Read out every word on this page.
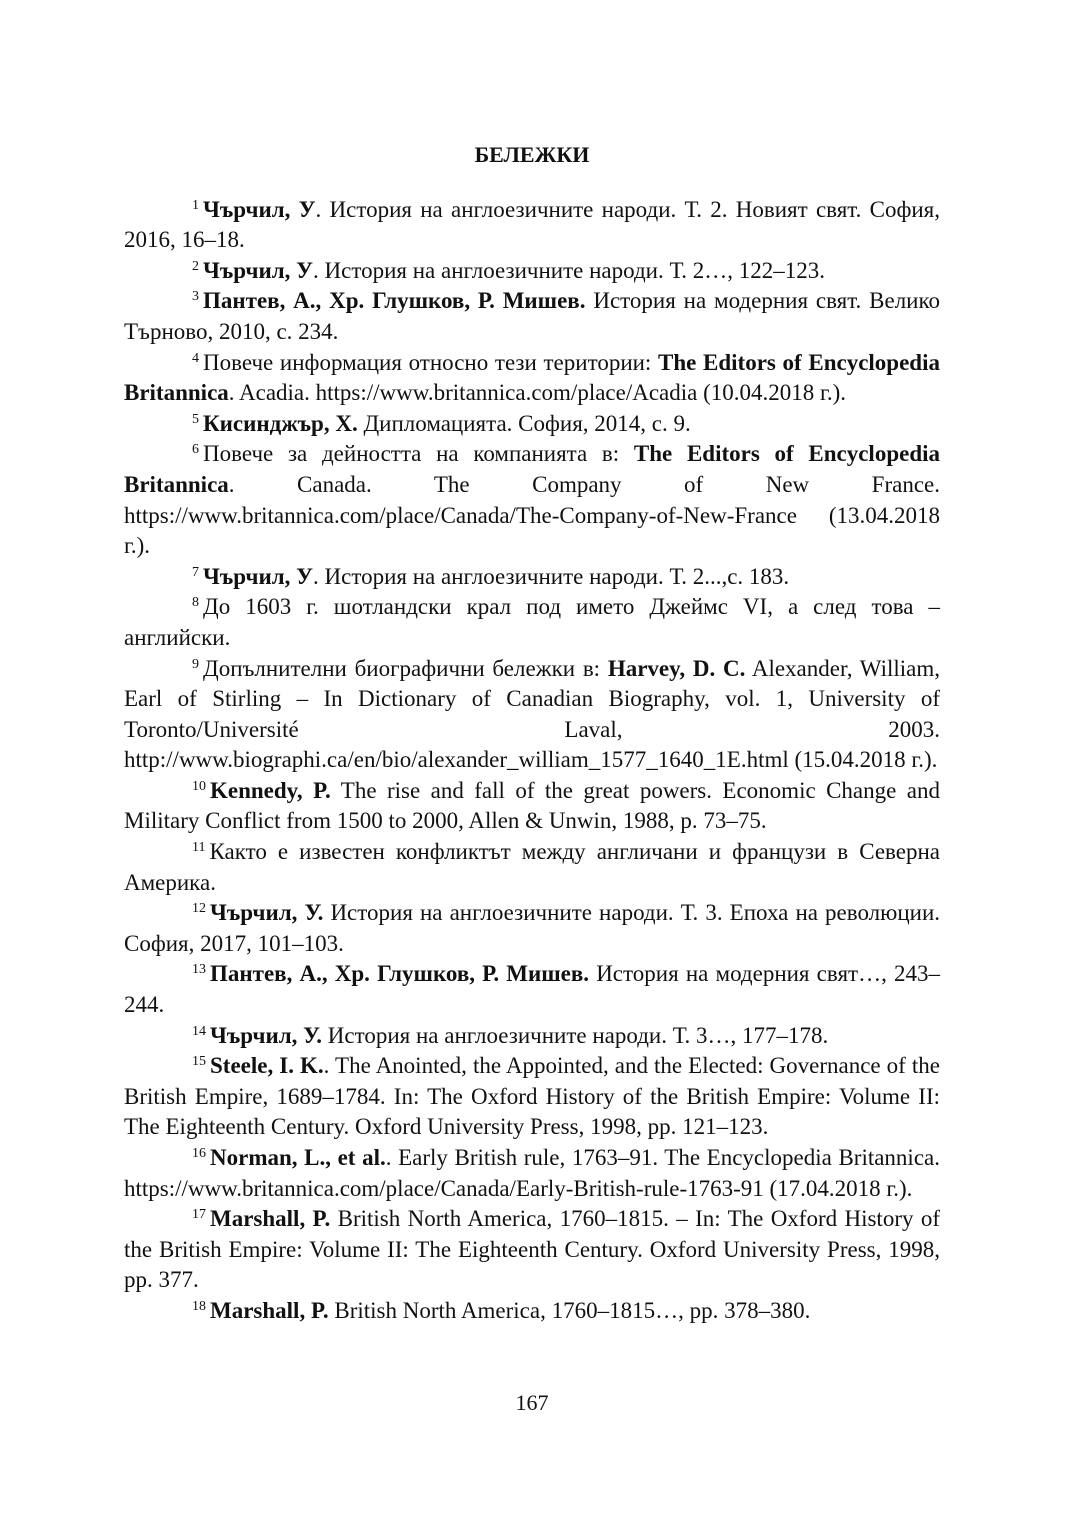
БЕЛЕЖКИ

$^1$ Чърчил, У. История на англоезичните народи. Т. 2. Новият свят. София, 2016, 16–18.

$^2$ Чърчил, У. История на англоезичните народи. Т. 2…, 122–123.

$^3$ Пантев, А., Хр. Глушков, Р. Мишев. История на модерния свят. Велико Търново, 2010, с. 234.

$^4$ Повече информация относно тези територии: The Editors of Encyclopedia Britannica. Acadia. https://www.britannica.com/place/Acadia (10.04.2018 г.).

$^5$ Кисинджър, Х. Дипломацията. София, 2014, с. 9.

$^6$ Повече за дейността на компанията в: The Editors of Encyclopedia Britannica. Canada. The Company of New France. https://www.britannica.com/place/Canada/The-Company-of-New-France (13.04.2018 г.).

$^7$ Чърчил, У. История на англоезичните народи. Т. 2...,с. 183.

$^8$ До 1603 г. шотландски крал под името Джеймс VI, а след това – английски.

$^9$ Допълнителни биографични бележки в: Harvey, D. C. Alexander, William, Earl of Stirling – In Dictionary of Canadian Biography, vol. 1, University of Toronto/Université Laval, 2003. http://www.biographi.ca/en/bio/alexander_william_1577_1640_1E.html (15.04.2018 г.).

$^{10}$ Kennedy, P. The rise and fall of the great powers. Economic Change and Military Conflict from 1500 to 2000, Allen & Unwin, 1988, p. 73–75.

$^{11}$ Както е известен конфликтът между англичани и французи в Северна Америка.

$^{12}$ Чърчил, У. История на англоезичните народи. Т. 3. Епоха на революции. София, 2017, 101–103.

$^{13}$ Пантев, А., Хр. Глушков, Р. Мишев. История на модерния свят…, 243–244.

$^{14}$ Чърчил, У. История на англоезичните народи. Т. 3…, 177–178.

$^{15}$ Steele, I. K.. The Anointed, the Appointed, and the Elected: Governance of the British Empire, 1689–1784. In: The Oxford History of the British Empire: Volume II: The Eighteenth Century. Oxford University Press, 1998, pp. 121–123.

$^{16}$ Norman, L., et al.. Early British rule, 1763–91. The Encyclopedia Britannica. https://www.britannica.com/place/Canada/Early-British-rule-1763-91 (17.04.2018 г.).

$^{17}$ Marshall, P. British North America, 1760–1815. – In: The Oxford History of the British Empire: Volume II: The Eighteenth Century. Oxford University Press, 1998, pp. 377.

$^{18}$ Marshall, P. British North America, 1760–1815…, pp. 378–380.

167
